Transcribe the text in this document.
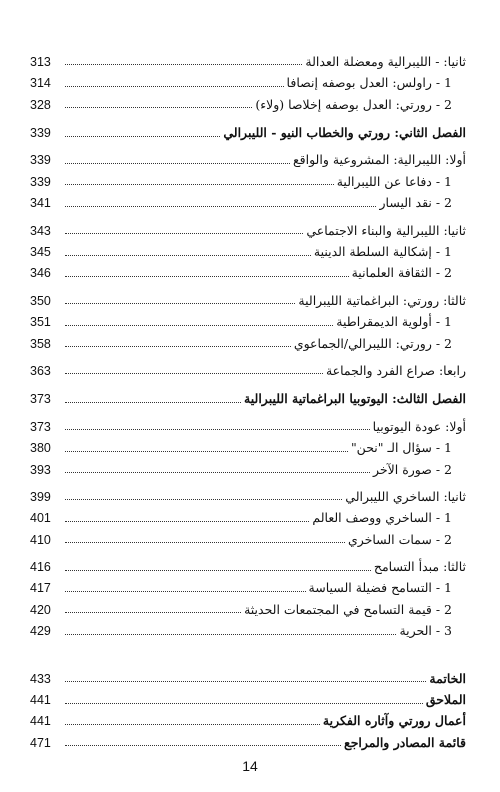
ثانيا: - الليبرالية ومعضلة العدالة
313
1 - راولس: العدل بوصفه إنصافا
314
2 - رورتي: العدل بوصفه إخلاصا (ولاء)
328
الفصل الثاني: رورتي والخطاب النيو - الليبرالي
339
أولا: الليبرالية: المشروعية والواقع
339
1 - دفاعا عن الليبرالية
339
2 - نقد اليسار
341
ثانيا: الليبرالية والبناء الاجتماعي
343
1 - إشكالية السلطة الدينية
345
2 - الثقافة العلمانية
346
ثالثا: رورتي: البراغماتية الليبرالية
350
1 - أولوية الديمقراطية
351
2 - رورتي: الليبرالي/الجماعوي
358
رابعا: صراع الفرد والجماعة
363
الفصل الثالث: اليوتوبيا البراغماتية الليبرالية
373
أولا: عودة اليوتوبيا
373
1 - سؤال الـ "نحن"
380
2 - صورة الآخر
393
ثانيا: الساخري الليبرالي
399
1 - الساخري ووصف العالم
401
2 - سمات الساخري
410
ثالثا: مبدأ التسامح
416
1 - التسامح فضيلة السياسة
417
2 - قيمة التسامح في المجتمعات الحديثة
420
3 - الحرية
429
الخاتمة
433
الملاحق
441
أعمال رورتي وآثاره الفكرية
441
قائمة المصادر والمراجع
471
14
